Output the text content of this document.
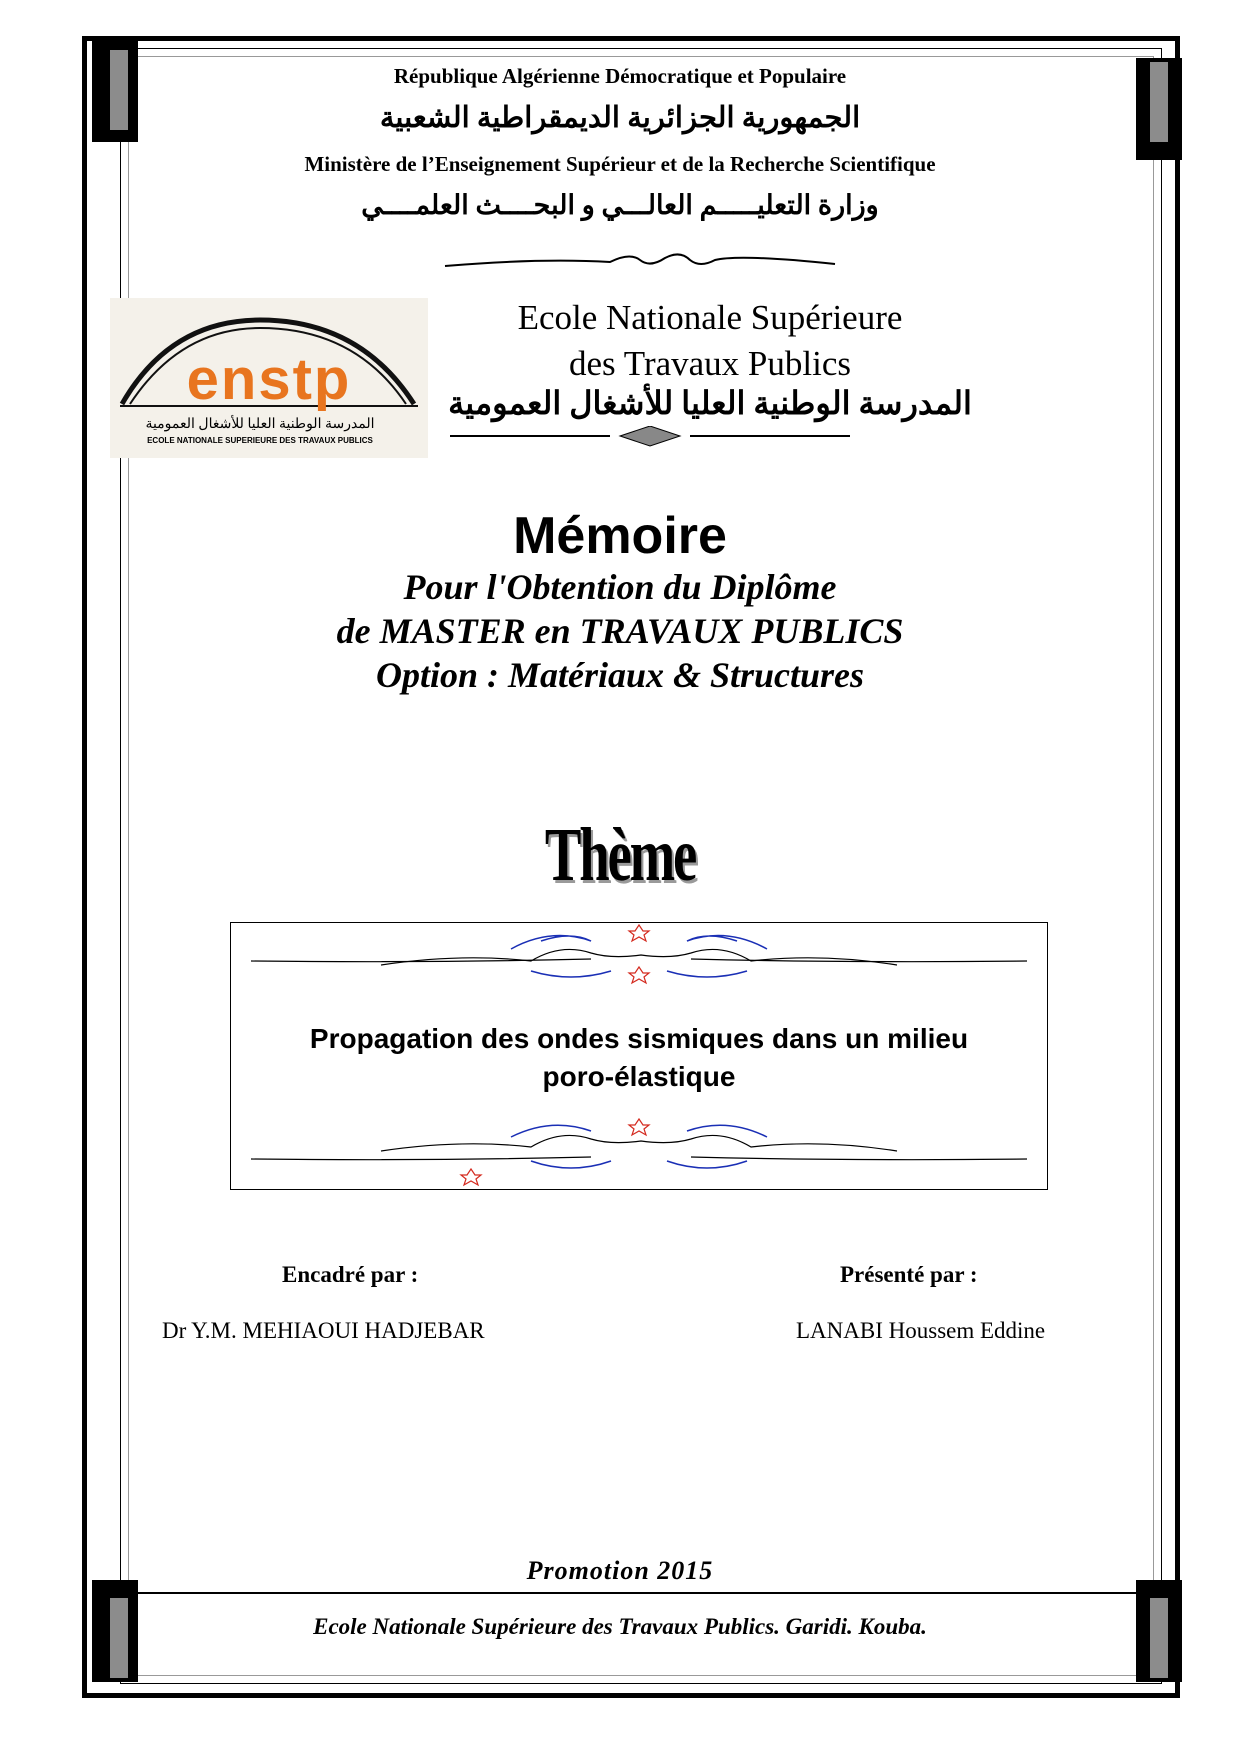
République Algérienne Démocratique et Populaire
الجمهورية الجزائرية الديمقراطية الشعبية
Ministère de l’Enseignement Supérieur et de la Recherche Scientifique
وزارة التعليـــــم العالـــي و البحــــث العلمــــي
enstp
المدرسة الوطنية العليا للأشغال العمومية
ECOLE NATIONALE SUPERIEURE DES TRAVAUX PUBLICS
Ecole Nationale Supérieure
des Travaux Publics
المدرسة الوطنية العليا للأشغال العمومية
Mémoire
Pour l'Obtention du Diplôme
de MASTER en TRAVAUX PUBLICS
Option : Matériaux & Structures
Thème
Propagation des ondes sismiques dans un milieu
poro-élastique
Encadré par :
Dr Y.M. MEHIAOUI HADJEBAR
Présenté par :
LANABI Houssem Eddine
Promotion 2015
Ecole Nationale Supérieure des Travaux Publics. Garidi. Kouba.
